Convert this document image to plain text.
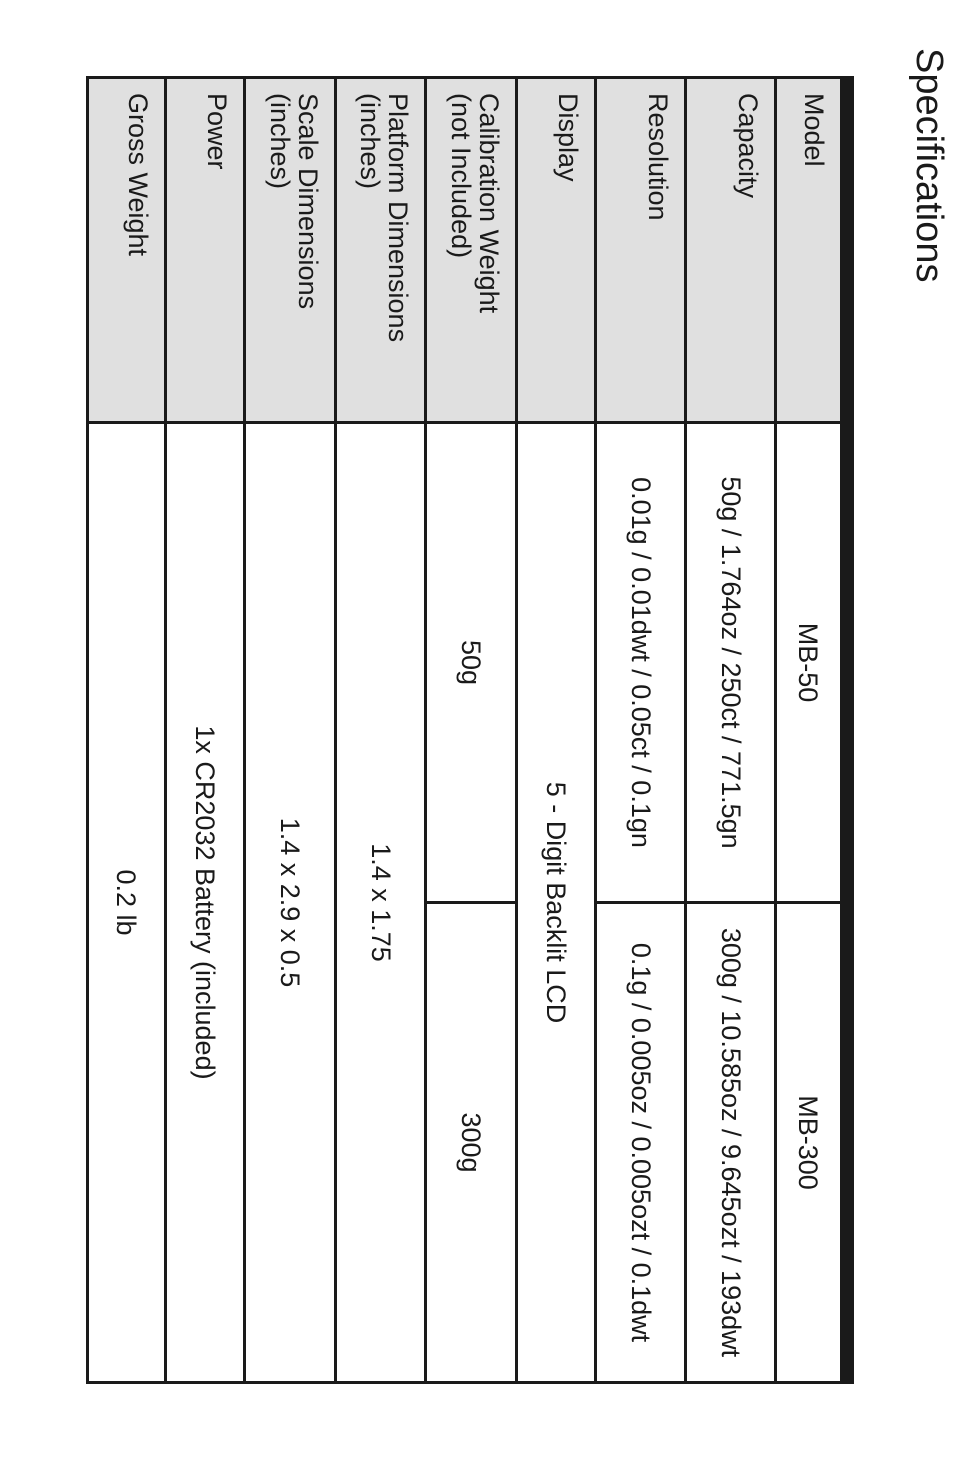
Specifications
Model	MB-50	MB-300
Capacity	50g / 1.764oz / 250ct / 771.5gn	300g / 10.585oz / 9.645ozt / 193dwt
Resolution	0.01g / 0.01dwt / 0.05ct / 0.1gn	0.1g / 0.005oz / 0.005ozt / 0.1dwt
Display	5 - Digit Backlit LCD	
Calibration Weight
(not Included)	50g	300g
Platform Dimensions
(inches)	1.4 x 1.75	
Scale Dimensions
(inches)	1.4 x 2.9 x 0.5	
Power	1x CR2032 Battery (included)	
Gross Weight	0.2 lb	
